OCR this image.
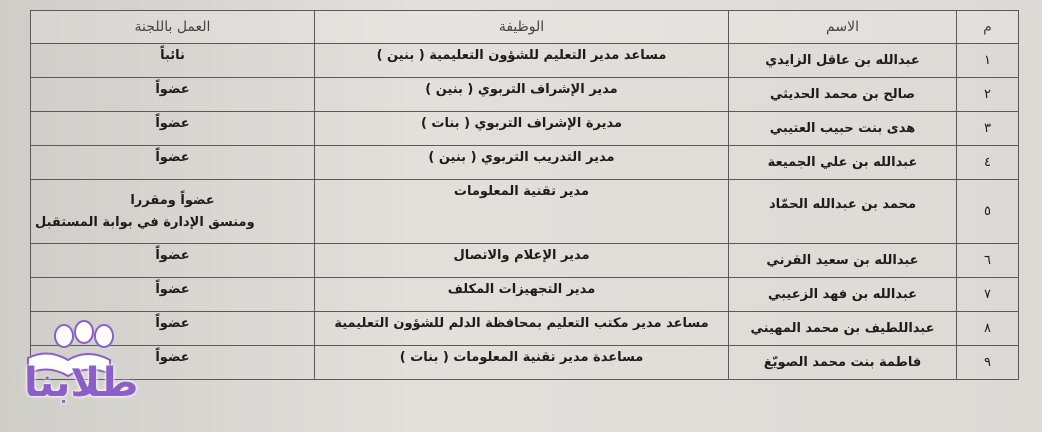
م	الاسم	الوظيفة	العمل باللجنة
١	عبدالله بن عاقل الزايدي	مساعد مدير التعليم للشؤون التعليمية ( بنين )	نائباً

٢	صالح بن محمد الحديثي	مدير الإشراف التربوي ( بنين )	عضواً

٣	هدى بنت حبيب العتيبي	مديرة الإشراف التربوي ( بنات )	عضواً

٤	عبدالله بن علي الجميعة	مدير التدريب التربوي ( بنين )	عضواً

٥	محمد بن عبدالله الحمّاد	مدير تقنية المعلومات	عضواً ومقررا
ومنسق الإدارة في بوابة المستقبل

٦	عبدالله بن سعيد القرني	مدير الإعلام والاتصال	عضواً

٧	عبدالله بن فهد الزعيبي	مدير التجهيزات المكلف	عضواً

٨	عبداللطيف بن محمد المهيني	مساعد مدير مكتب التعليم بمحافظة الدلم للشؤون التعليمية	عضواً

٩	فاطمة بنت محمد الصويّغ	مساعدة مدير تقنية المعلومات ( بنات )	عضواً
طلابنا
